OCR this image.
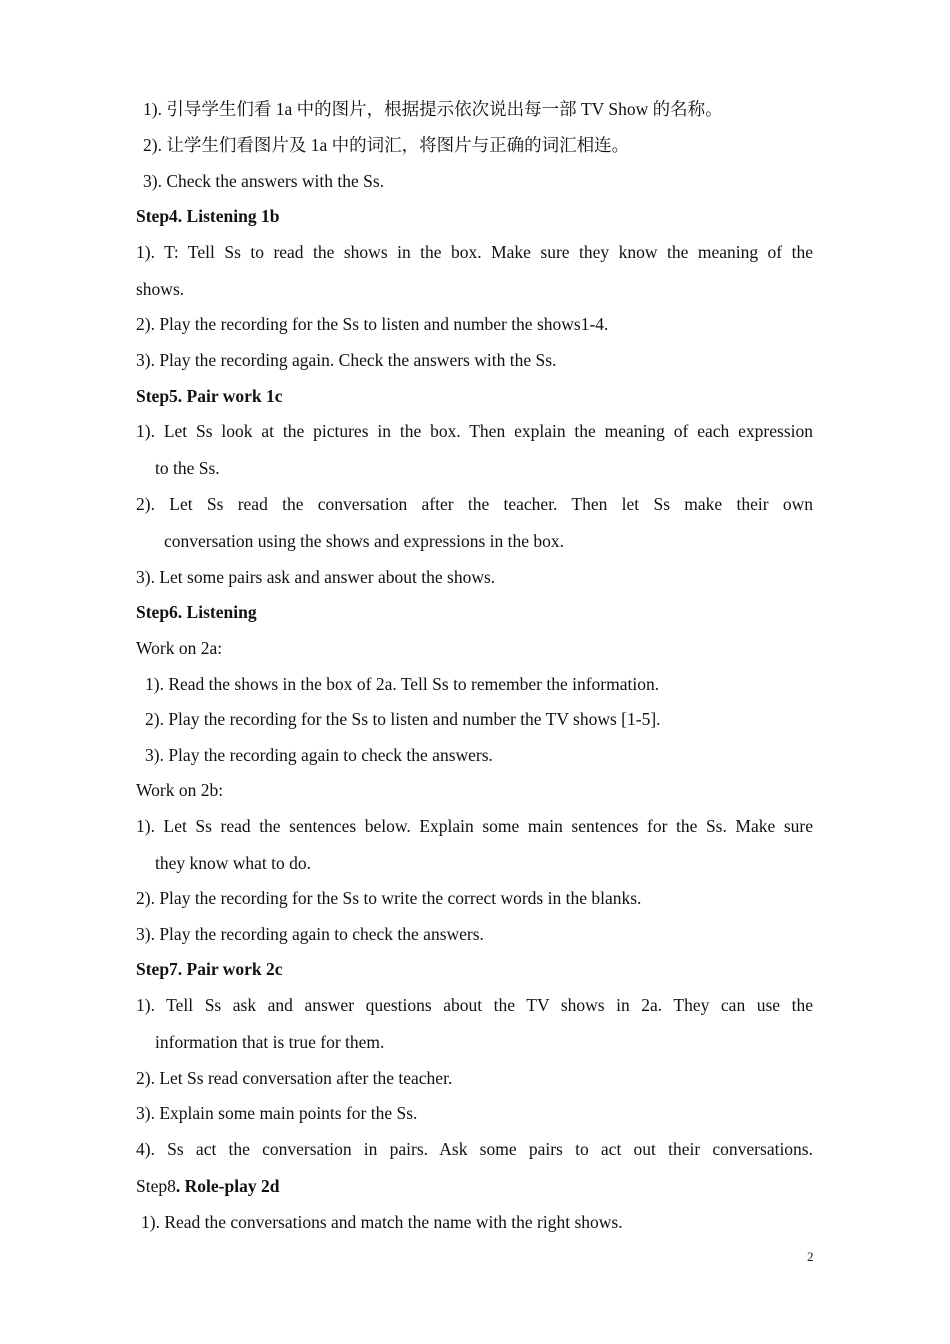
1). 引导学生们看 1a 中的图片，根据提示依次说出每一部 TV Show 的名称。
2). 让学生们看图片及 1a 中的词汇，将图片与正确的词汇相连。
3). Check the answers with the Ss.
Step4. Listening 1b
1). T: Tell Ss to read the shows in the box. Make sure they know the meaning of the
shows.
2). Play the recording for the Ss to listen and number the shows1-4.
3). Play the recording again. Check the answers with the Ss.
Step5. Pair work 1c
1). Let Ss look at the pictures in the box. Then explain the meaning of each expression
to the Ss.
2). Let Ss read the conversation after the teacher. Then let Ss make their own
conversation using the shows and expressions in the box.
3). Let some pairs ask and answer about the shows.
Step6. Listening
Work on 2a:
1). Read the shows in the box of 2a. Tell Ss to remember the information.
2). Play the recording for the Ss to listen and number the TV shows [1-5].
3). Play the recording again to check the answers.
Work on 2b:
1). Let Ss read the sentences below. Explain some main sentences for the Ss. Make sure
they know what to do.
2). Play the recording for the Ss to write the correct words in the blanks.
3). Play the recording again to check the answers.
Step7. Pair work 2c
1). Tell Ss ask and answer questions about the TV shows in 2a. They can use the
information that is true for them.
2). Let Ss read conversation after the teacher.
3). Explain some main points for the Ss.
4). Ss act the conversation in pairs. Ask some pairs to act out their conversations.
Step8. Role-play 2d
1). Read the conversations and match the name with the right shows.
2
